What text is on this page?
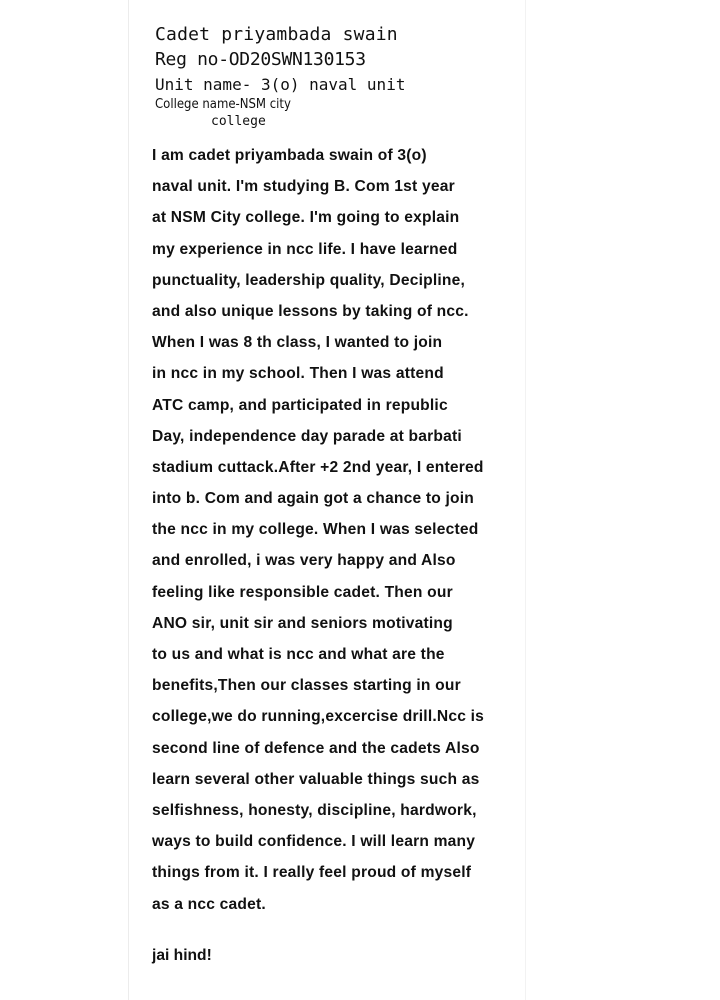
Cadet priyambada swain
Reg no-OD20SWN130153
Unit name- 3(o) naval unit
College name-NSM city
college
I am cadet priyambada swain of 3(o)
naval unit. I'm studying B. Com 1st year
at NSM City college. I'm going to explain
my experience in ncc life. I have learned
punctuality, leadership quality, Decipline,
and also unique lessons by taking of ncc.
When I was 8 th class, I wanted to join
in ncc in my school. Then I was attend
ATC camp, and participated in republic
Day, independence day parade at barbati
stadium cuttack.After +2 2nd year, I entered
into b. Com and again got a chance to join
the ncc in my college. When I was selected
and enrolled, i was very happy and Also
feeling like responsible cadet. Then our
ANO sir, unit sir and seniors motivating
to us and what is ncc and what are the
benefits,Then our classes starting in our
college,we do running,excercise drill.Ncc is
second line of defence and the cadets Also
learn several other valuable things such as
selfishness, honesty, discipline, hardwork,
ways to build confidence. I will learn many
things from it. I really feel proud of myself
as a ncc cadet.
jai hind!
